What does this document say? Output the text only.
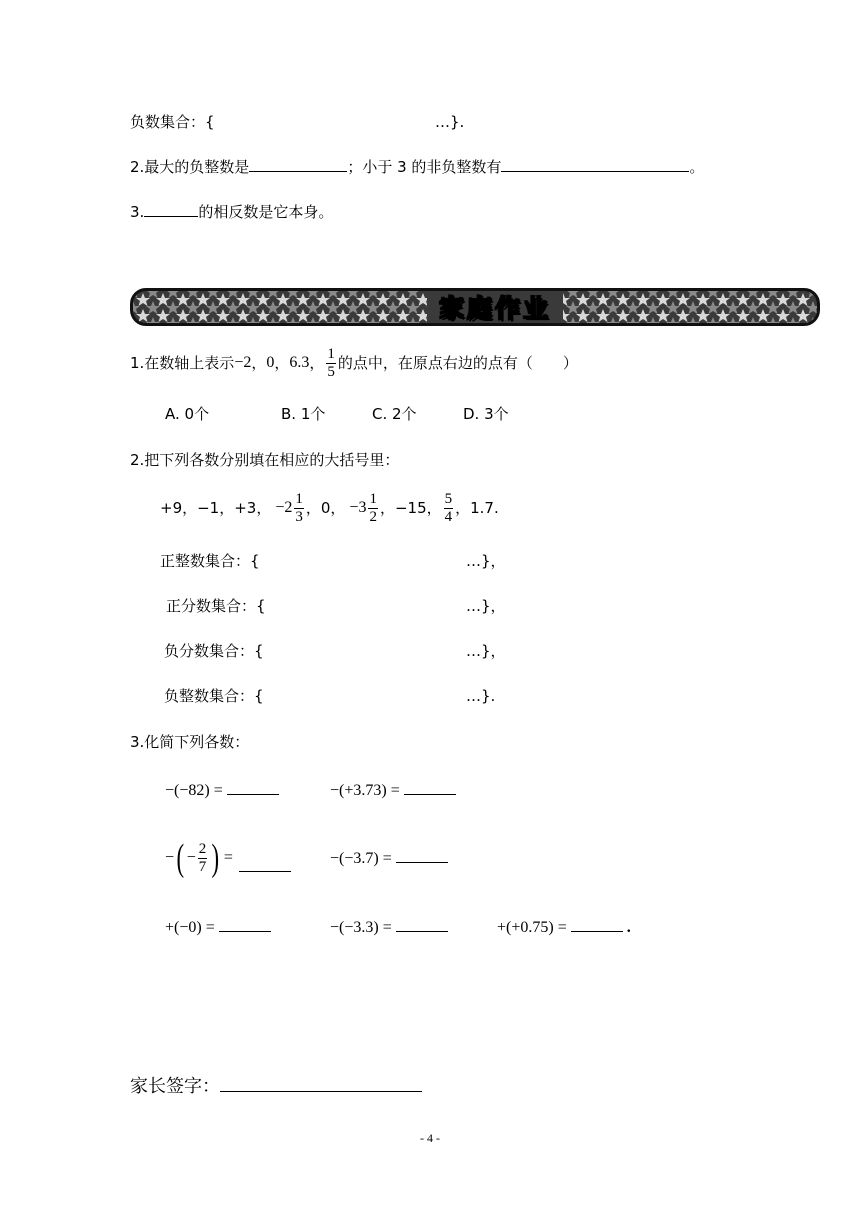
负数集合：{	…}.
2.最大的负整数是	；小于 3 的非负整数有	。
3.	的相反数是它本身。
家庭作业
1.在数轴上表示 −2 ， 0 ， 6.3 ， $\frac{1}{5}$ 的点中，在原点右边的点有（　　）
A. 0个	B. 1个	C. 2个	D. 3个
2.把下列各数分别填在相应的大括号里：
+9，−1，+3， $-2 \frac{1}{3}$ ，0， $-3 \frac{1}{2}$ ，−15， $\frac{5}{4}$ ，1.7.
正整数集合：{	…}，
正分数集合：{	…}，
负分数集合：{	…}，
负整数集合：{	…}.
3.化简下列各数：
−(−82) =	−(+3.73) =
− ( − $\frac{2}{7}$ ) =	−(−3.7) =
+(−0) =	−(−3.3) =	+(+0.75) =	.
家长签字：
- 4 -
